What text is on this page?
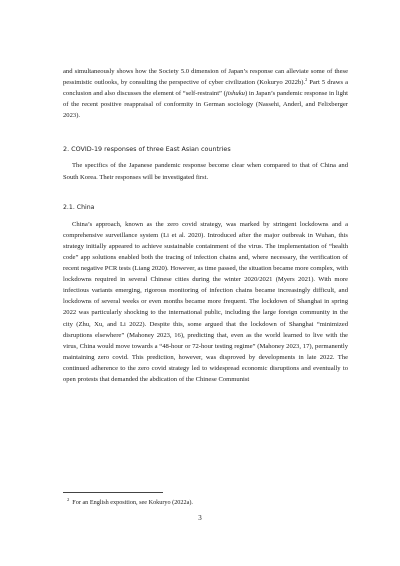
and simultaneously shows how the Society 5.0 dimension of Japan’s response can alleviate some of these pessimistic outlooks, by consulting the perspective of cyber civilization (Kokuryo 2022b).$^2$ Part 5 draws a conclusion and also discusses the element of “self-restraint” (jishuku) in Japan’s pandemic response in light of the recent positive reappraisal of conformity in German sociology (Nassehi, Anderl, and Felixberger 2023).

2. COVID-19 responses of three East Asian countries

The specifics of the Japanese pandemic response become clear when compared to that of China and South Korea. Their responses will be investigated first.

2.1. China

China’s approach, known as the zero covid strategy, was marked by stringent lockdowns and a comprehensive surveillance system (Li et al. 2020). Introduced after the major outbreak in Wuhan, this strategy initially appeared to achieve sustainable containment of the virus. The implementation of “health code” app solutions enabled both the tracing of infection chains and, where necessary, the verification of recent negative PCR tests (Liang 2020). However, as time passed, the situation became more complex, with lockdowns required in several Chinese cities during the winter 2020/2021 (Myers 2021). With more infectious variants emerging, rigorous monitoring of infection chains became increasingly difficult, and lockdowns of several weeks or even months became more frequent. The lockdown of Shanghai in spring 2022 was particularly shocking to the international public, including the large foreign community in the city (Zhu, Xu, and Li 2022). Despite this, some argued that the lockdown of Shanghai “minimized disruptions elsewhere” (Mahoney 2023, 16), predicting that, even as the world learned to live with the virus, China would move towards a “48-hour or 72-hour testing regime” (Mahoney 2023, 17), permanently maintaining zero covid. This prediction, however, was disproved by developments in late 2022. The continued adherence to the zero covid strategy led to widespread economic disruptions and eventually to open protests that demanded the abdication of the Chinese Communist

$^2$ For an English exposition, see Kokuryo (2022a).
3
